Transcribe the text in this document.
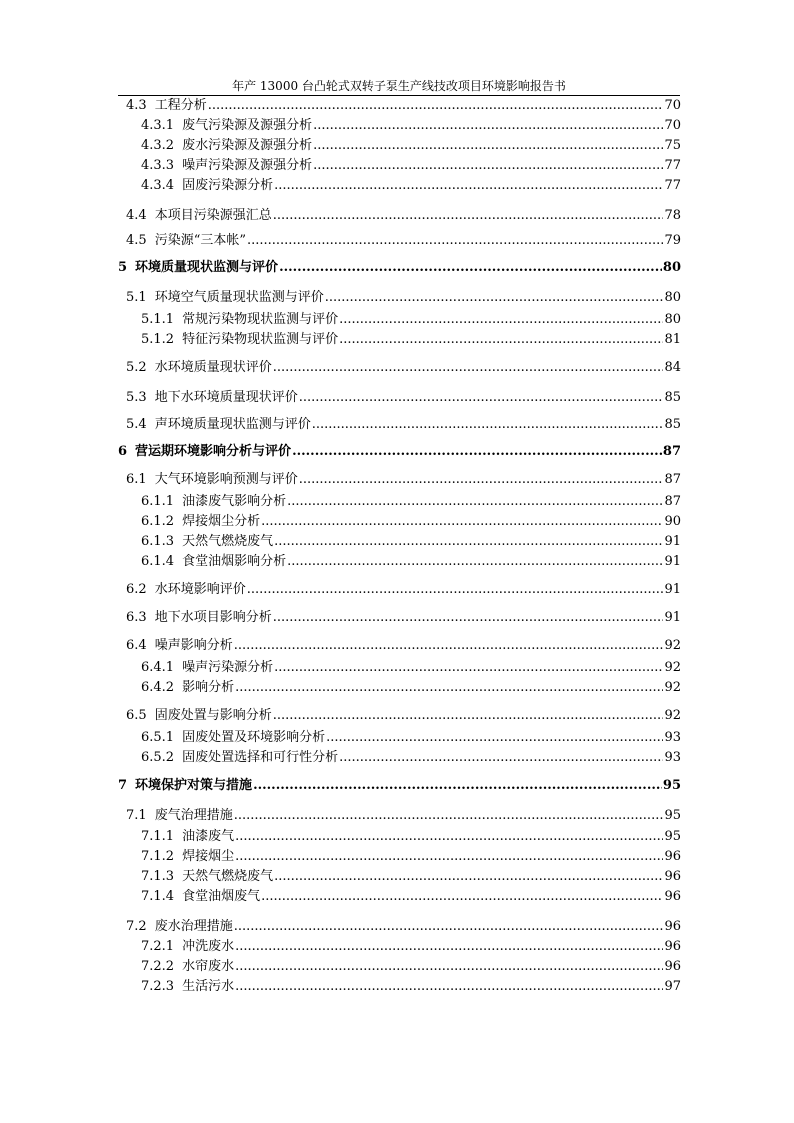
年产 13000 台凸轮式双转子泵生产线技改项目环境影响报告书
4.3 工程分析 .....	70
4.3.1 废气污染源及源强分析 .....	70
4.3.2 废水污染源及源强分析 .....	75
4.3.3 噪声污染源及源强分析 .....	77
4.3.4 固废污染源分析 .....	77
4.4 本项目污染源强汇总 .....	78
4.5 污染源“三本帐” .....	79
5 环境质量现状监测与评价 .....	80
5.1 环境空气质量现状监测与评价 .....	80
5.1.1 常规污染物现状监测与评价 .....	80
5.1.2 特征污染物现状监测与评价 .....	81
5.2 水环境质量现状评价 .....	84
5.3 地下水环境质量现状评价 .....	85
5.4 声环境质量现状监测与评价 .....	85
6 营运期环境影响分析与评价 .....	87
6.1 大气环境影响预测与评价 .....	87
6.1.1 油漆废气影响分析 .....	87
6.1.2 焊接烟尘分析 .....	90
6.1.3 天然气燃烧废气 .....	91
6.1.4 食堂油烟影响分析 .....	91
6.2 水环境影响评价 .....	91
6.3 地下水项目影响分析 .....	91
6.4 噪声影响分析 .....	92
6.4.1 噪声污染源分析 .....	92
6.4.2 影响分析 .....	92
6.5 固废处置与影响分析 .....	92
6.5.1 固废处置及环境影响分析 .....	93
6.5.2 固废处置选择和可行性分析 .....	93
7 环境保护对策与措施 .....	95
7.1 废气治理措施 .....	95
7.1.1 油漆废气 .....	95
7.1.2 焊接烟尘 .....	96
7.1.3 天然气燃烧废气 .....	96
7.1.4 食堂油烟废气 .....	96
7.2 废水治理措施 .....	96
7.2.1 冲洗废水 .....	96
7.2.2 水帘废水 .....	96
7.2.3 生活污水 .....	97
